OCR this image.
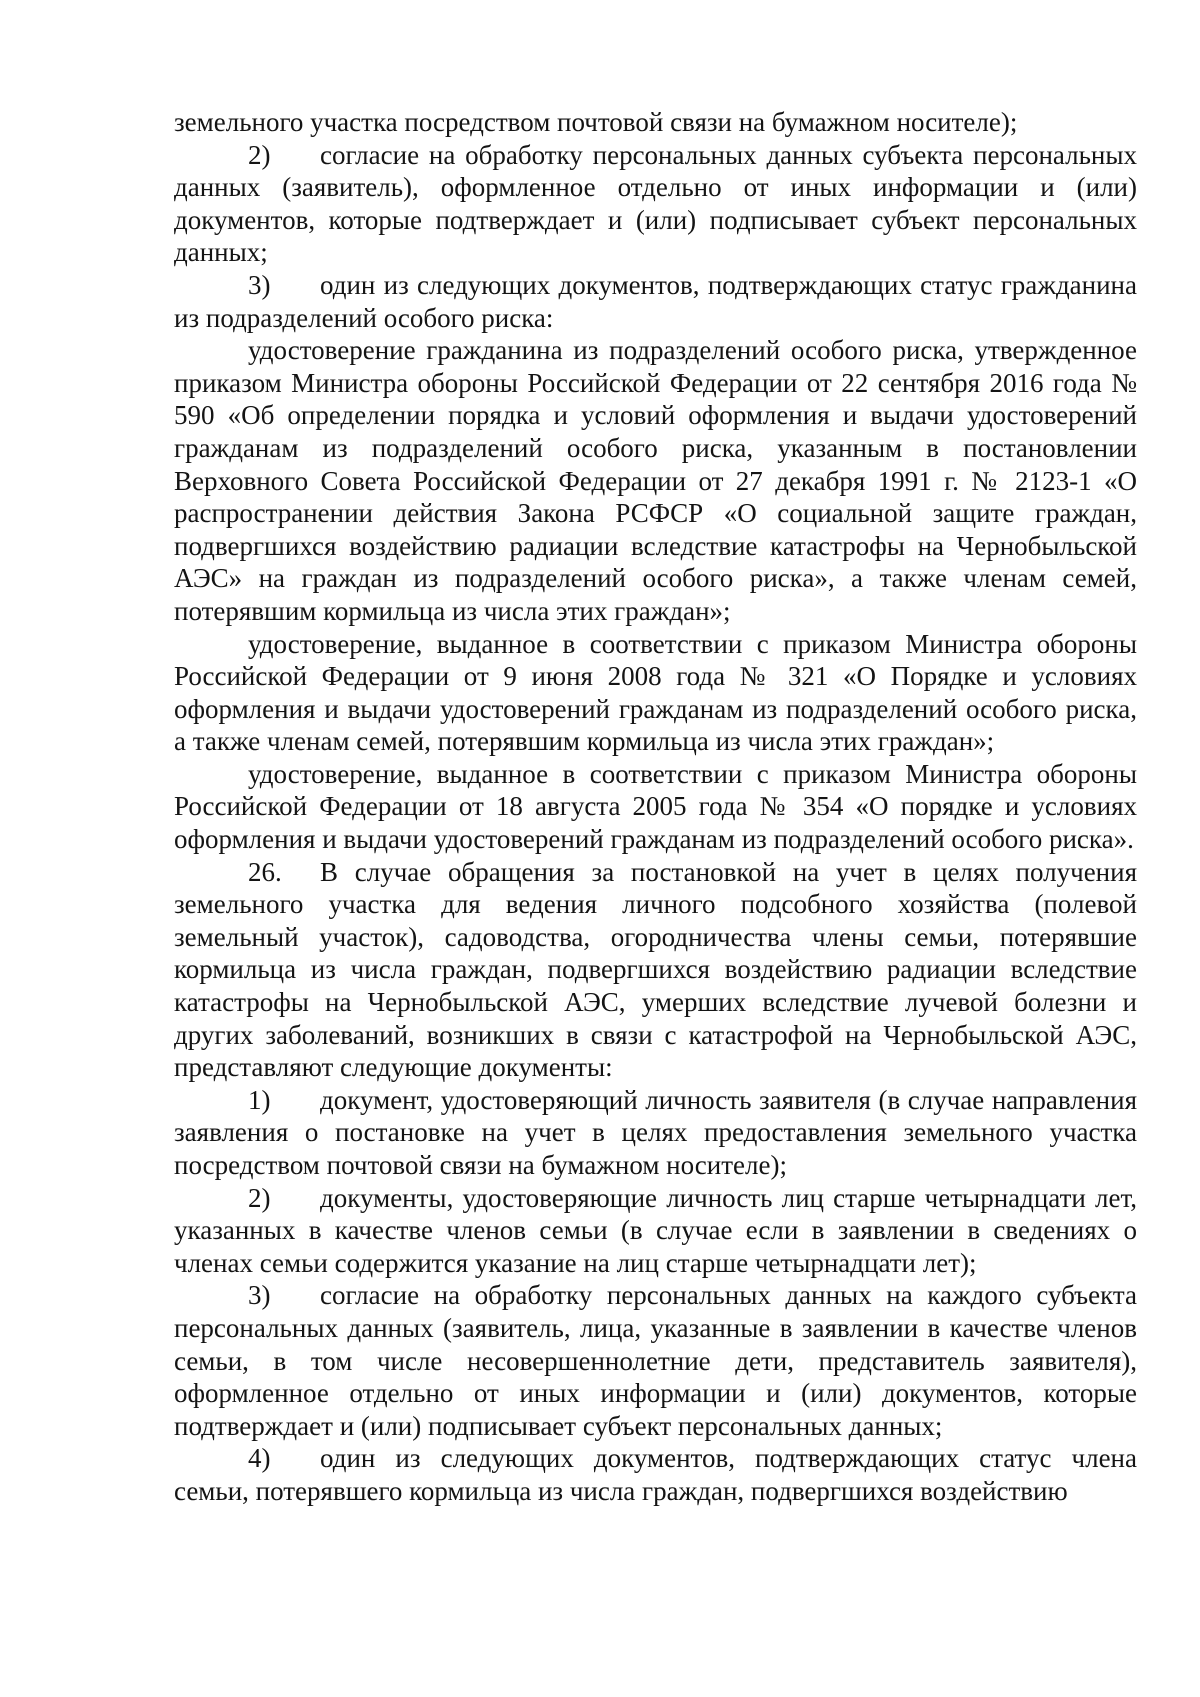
земельного участка посредством почтовой связи на бумажном носителе);

2) согласие на обработку персональных данных субъекта персональных данных (заявитель), оформленное отдельно от иных информации и (или) документов, которые подтверждает и (или) подписывает субъект персональных данных;

3) один из следующих документов, подтверждающих статус гражданина из подразделений особого риска:

удостоверение гражданина из подразделений особого риска, утвержденное приказом Министра обороны Российской Федерации от 22 сентября 2016 года № 590 «Об определении порядка и условий оформления и выдачи удостоверений гражданам из подразделений особого риска, указанным в постановлении Верховного Совета Российской Федерации от 27 декабря 1991 г. № 2123-1 «О распространении действия Закона РСФСР «О социальной защите граждан, подвергшихся воздействию радиации вследствие катастрофы на Чернобыльской АЭС» на граждан из подразделений особого риска», а также членам семей, потерявшим кормильца из числа этих граждан»;

удостоверение, выданное в соответствии с приказом Министра обороны Российской Федерации от 9 июня 2008 года № 321 «О Порядке и условиях оформления и выдачи удостоверений гражданам из подразделений особого риска, а также членам семей, потерявшим кормильца из числа этих граждан»;

удостоверение, выданное в соответствии с приказом Министра обороны Российской Федерации от 18 августа 2005 года № 354 «О порядке и условиях оформления и выдачи удостоверений гражданам из подразделений особого риска».

26. В случае обращения за постановкой на учет в целях получения земельного участка для ведения личного подсобного хозяйства (полевой земельный участок), садоводства, огородничества члены семьи, потерявшие кормильца из числа граждан, подвергшихся воздействию радиации вследствие катастрофы на Чернобыльской АЭС, умерших вследствие лучевой болезни и других заболеваний, возникших в связи с катастрофой на Чернобыльской АЭС, представляют следующие документы:

1) документ, удостоверяющий личность заявителя (в случае направления заявления о постановке на учет в целях предоставления земельного участка посредством почтовой связи на бумажном носителе);

2) документы, удостоверяющие личность лиц старше четырнадцати лет, указанных в качестве членов семьи (в случае если в заявлении в сведениях о членах семьи содержится указание на лиц старше четырнадцати лет);

3) согласие на обработку персональных данных на каждого субъекта персональных данных (заявитель, лица, указанные в заявлении в качестве членов семьи, в том числе несовершеннолетние дети, представитель заявителя), оформленное отдельно от иных информации и (или) документов, которые подтверждает и (или) подписывает субъект персональных данных;

4) один из следующих документов, подтверждающих статус члена семьи, потерявшего кормильца из числа граждан, подвергшихся воздействию
